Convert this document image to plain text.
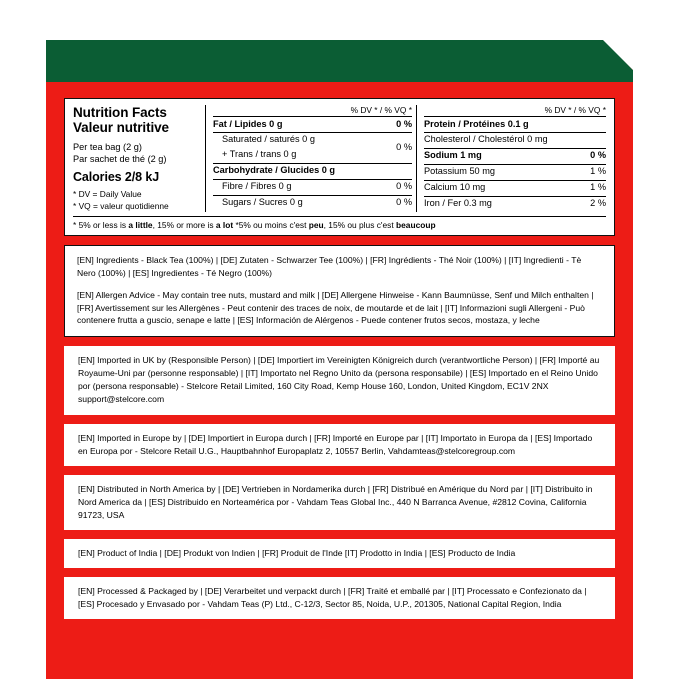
Nutrition Facts
Valeur nutritive
Per tea bag (2 g)
Par sachet de thé (2 g)
Calories 2/8 kJ
* DV = Daily Value
* VQ = valeur quotidienne
% DV * / % VQ *
Fat / Lipides 0 g	0 %
Saturated / saturés 0 g
+ Trans / trans 0 g
0 %
Carbohydrate / Glucides 0 g
Fibre / Fibres 0 g	0 %
Sugars / Sucres 0 g	0 %
% DV * / % VQ *
Protein / Protéines 0.1 g
Cholesterol / Cholestérol 0 mg
Sodium 1 mg	0 %
Potassium 50 mg	1 %
Calcium 10 mg	1 %
Iron / Fer 0.3 mg	2 %
* 5% or less is a little, 15% or more is a lot *5% ou moins c'est peu, 15% ou plus c'est beaucoup
[EN] Ingredients - Black Tea (100%) | [DE] Zutaten - Schwarzer Tee (100%) | [FR] Ingrédients - Thé Noir (100%) | [IT] Ingredienti - Tè Nero (100%) | [ES] Ingredientes - Té Negro (100%)
[EN] Allergen Advice - May contain tree nuts, mustard and milk | [DE] Allergene Hinweise - Kann Baumnüsse, Senf und Milch enthalten | [FR] Avertissement sur les Allergènes - Peut contenir des traces de noix, de moutarde et de lait | [IT] Informazioni sugli Allergeni - Può contenere frutta a guscio, senape e latte | [ES] Información de Alérgenos - Puede contener frutos secos, mostaza, y leche
[EN] Imported in UK by (Responsible Person) | [DE] Importiert im Vereinigten Königreich durch (verantwortliche Person) | [FR] Importé au Royaume-Uni par (personne responsable) | [IT] Importato nel Regno Unito da (persona responsabile) | [ES] Importado en el Reino Unido por (persona responsable) - Stelcore Retail Limited, 160 City Road, Kemp House 160, London, United Kingdom, EC1V 2NX support@stelcore.com
[EN] Imported in Europe by | [DE] Importiert in Europa durch | [FR] Importé en Europe par | [IT] Importato in Europa da | [ES] Importado en Europa por - Stelcore Retail U.G., Hauptbahnhof Europaplatz 2, 10557 Berlin, Vahdamteas@stelcoregroup.com
[EN] Distributed in North America by | [DE] Vertrieben in Nordamerika durch | [FR] Distribué en Amérique du Nord par | [IT] Distribuito in Nord America da | [ES] Distribuido en Norteamérica por - Vahdam Teas Global Inc., 440 N Barranca Avenue, #2812 Covina, California 91723, USA
[EN] Product of India | [DE] Produkt von Indien | [FR] Produit de l'Inde [IT] Prodotto in India | [ES] Producto de India
[EN] Processed & Packaged by | [DE] Verarbeitet und verpackt durch | [FR] Traité et emballé par | [IT] Processato e Confezionato da | [ES] Procesado y Envasado por - Vahdam Teas (P) Ltd., C-12/3, Sector 85, Noida, U.P., 201305, National Capital Region, India
